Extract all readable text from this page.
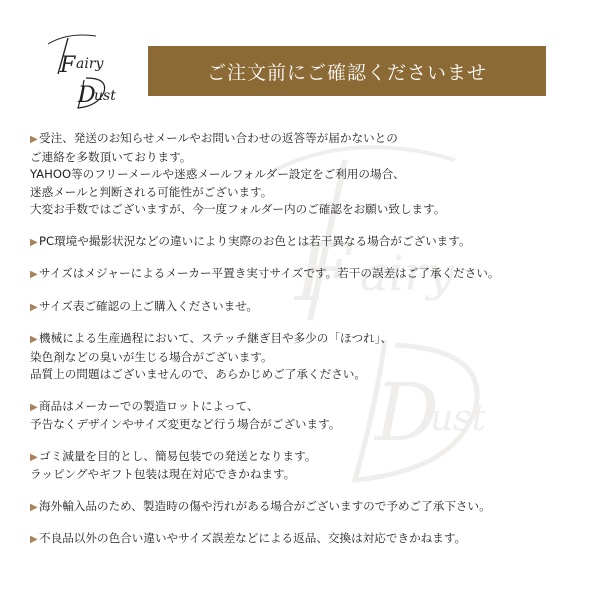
F airy
D
ust
ご注文前にご確認くださいませ
F airy
D
ust
▶受注、発送のお知らせメールやお問い合わせの返答等が届かないとの
ご連絡を多数頂いております。
YAHOO等のフリーメールや迷惑メールフォルダー設定をご利用の場合、
迷惑メールと判断される可能性がございます。
大変お手数ではございますが、今一度フォルダー内のご確認をお願い致します。
▶PC環境や撮影状況などの違いにより実際のお色とは若干異なる場合がございます。
▶サイズはメジャーによるメーカー平置き実寸サイズです。若干の誤差はご了承ください。
▶サイズ表ご確認の上ご購入くださいませ。
▶機械による生産過程において、ステッチ継ぎ目や多少の「ほつれ」、
染色剤などの臭いが生じる場合がございます。
品質上の問題はございませんので、あらかじめご了承ください。
▶商品はメーカーでの製造ロットによって、
予告なくデザインやサイズ変更など行う場合がございます。
▶ゴミ減量を目的とし、簡易包装での発送となります。
ラッピングやギフト包装は現在対応できかねます。
▶海外輸入品のため、製造時の傷や汚れがある場合がございますので予めご了承下さい。
▶不良品以外の色合い違いやサイズ誤差などによる返品、交換は対応できかねます。
